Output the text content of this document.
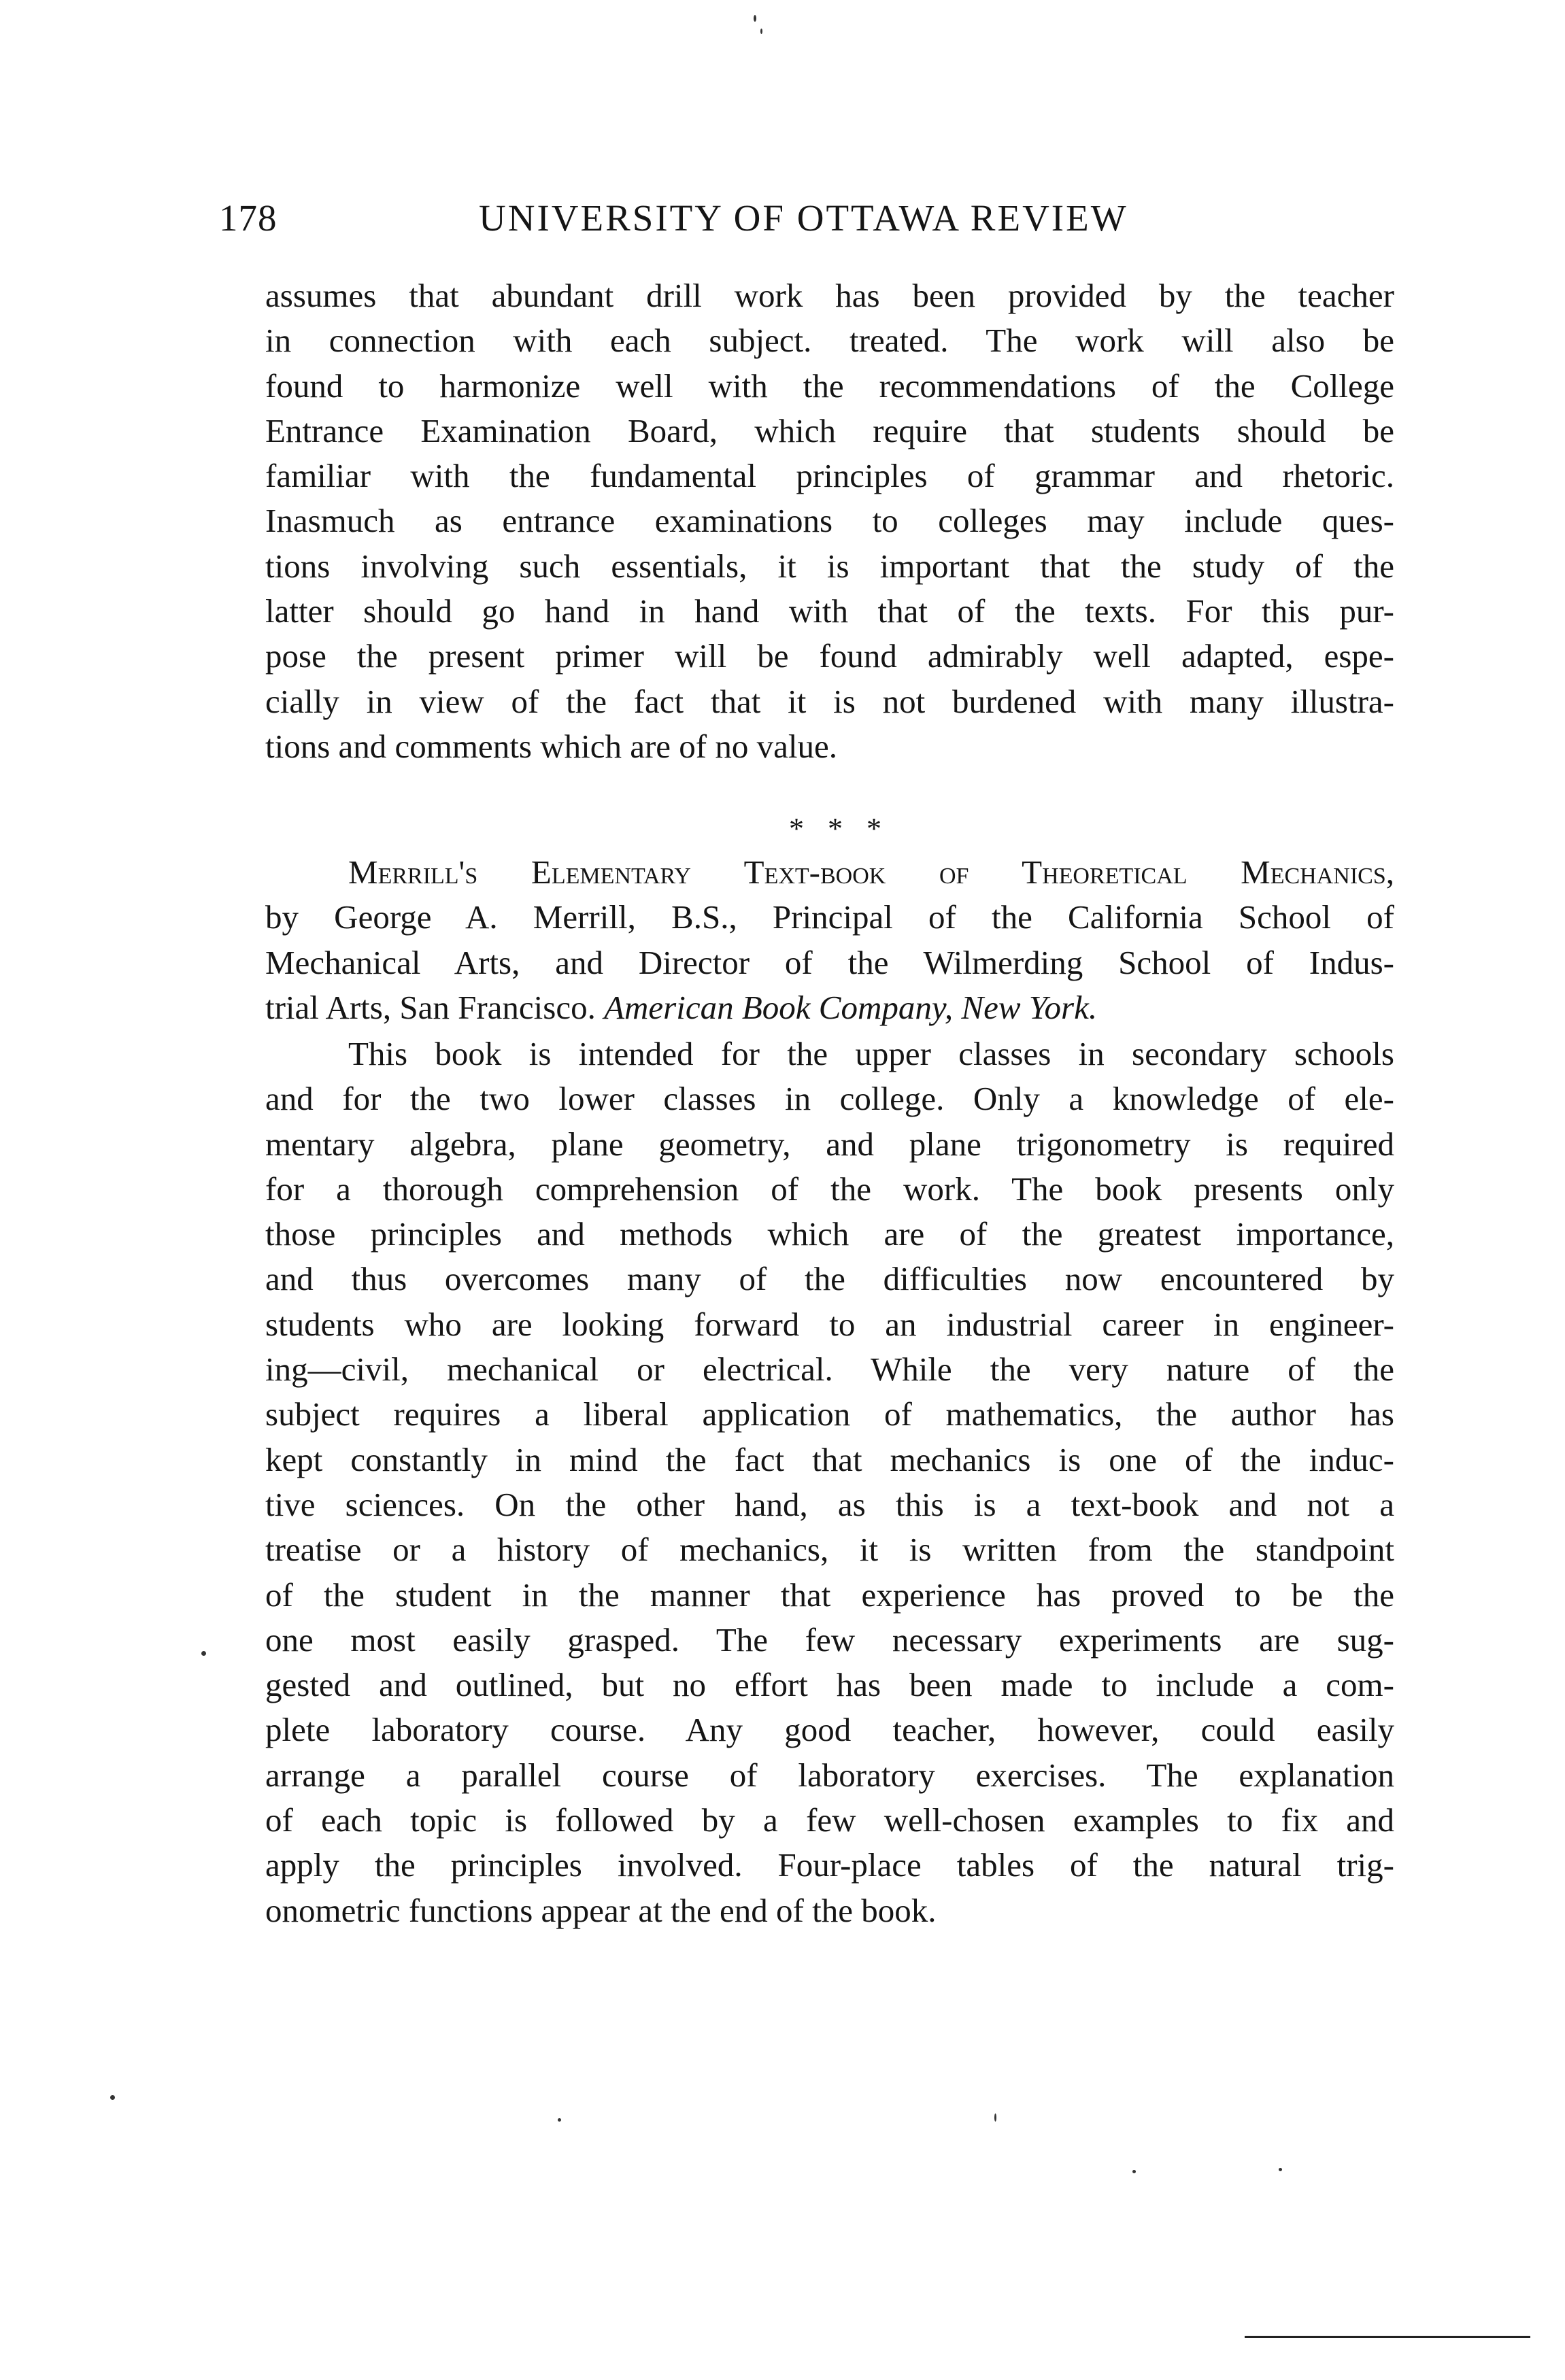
178	UNIVERSITY OF OTTAWA REVIEW
assumes that abundant drill work has been provided by the teacher
in connection with each subject. treated. The work will also be
found to harmonize well with the recommendations of the College
Entrance Examination Board, which require that students should be
familiar with the fundamental principles of grammar and rhetoric.
Inasmuch as entrance examinations to colleges may include ques-
tions involving such essentials, it is important that the study of the
latter should go hand in hand with that of the texts. For this pur-
pose the present primer will be found admirably well adapted, espe-
cially in view of the fact that it is not burdened with many illustra-
tions and comments which are of no value.
* * *
Merrill's Elementary Text-book of Theoretical Mechanics,
by George A. Merrill, B.S., Principal of the California School of
Mechanical Arts, and Director of the Wilmerding School of Indus-
trial Arts, San Francisco. American Book Company, New York.
This book is intended for the upper classes in secondary schools
and for the two lower classes in college. Only a knowledge of ele-
mentary algebra, plane geometry, and plane trigonometry is required
for a thorough comprehension of the work. The book presents only
those principles and methods which are of the greatest importance,
and thus overcomes many of the difficulties now encountered by
students who are looking forward to an industrial career in engineer-
ing—civil, mechanical or electrical. While the very nature of the
subject requires a liberal application of mathematics, the author has
kept constantly in mind the fact that mechanics is one of the induc-
tive sciences. On the other hand, as this is a text-book and not a
treatise or a history of mechanics, it is written from the standpoint
of the student in the manner that experience has proved to be the
one most easily grasped. The few necessary experiments are sug-
gested and outlined, but no effort has been made to include a com-
plete laboratory course. Any good teacher, however, could easily
arrange a parallel course of laboratory exercises. The explanation
of each topic is followed by a few well-chosen examples to fix and
apply the principles involved. Four-place tables of the natural trig-
onometric functions appear at the end of the book.
